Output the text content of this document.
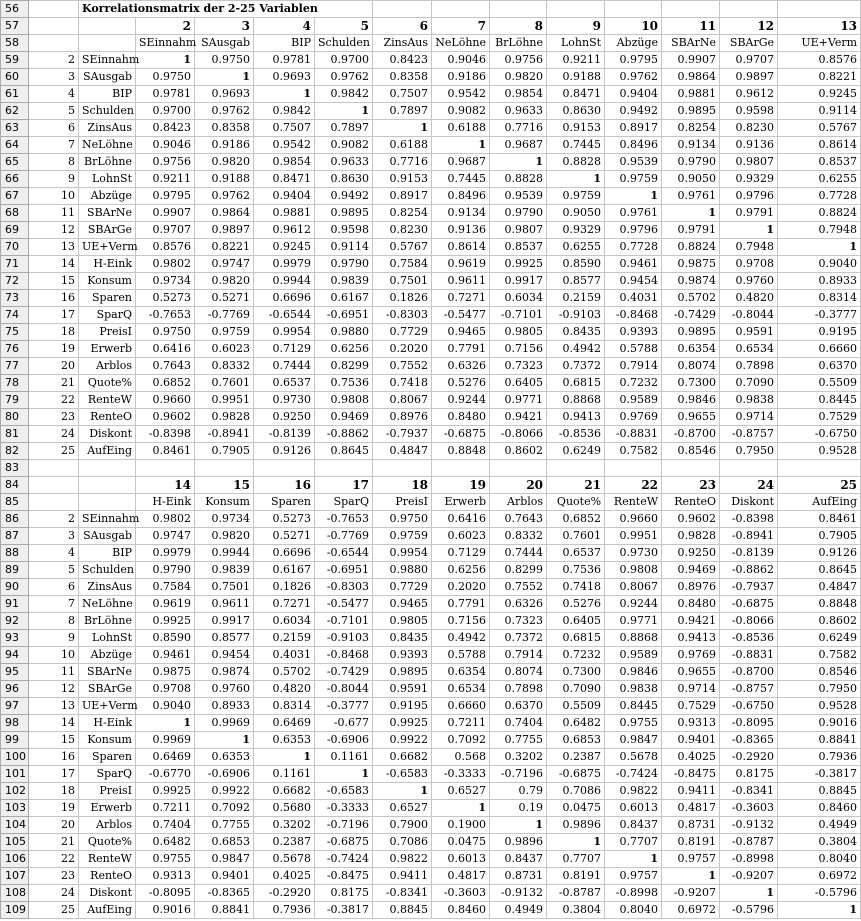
56		Korrelationsmatrix der 2-25 Variablen												
57			2	3	4	5	6	7	8	9	10	11	12	13
58			SEinnahm	SAusgab	BIP	Schulden	ZinsAus	NeLöhne	BrLöhne	LohnSt	Abzüge	SBArNe	SBArGe	UE+Verm
59	2	SEinnahm	1	0.9750	0.9781	0.9700	0.8423	0.9046	0.9756	0.9211	0.9795	0.9907	0.9707	0.8576
60	3	SAusgab	0.9750	1	0.9693	0.9762	0.8358	0.9186	0.9820	0.9188	0.9762	0.9864	0.9897	0.8221
61	4	BIP	0.9781	0.9693	1	0.9842	0.7507	0.9542	0.9854	0.8471	0.9404	0.9881	0.9612	0.9245
62	5	Schulden	0.9700	0.9762	0.9842	1	0.7897	0.9082	0.9633	0.8630	0.9492	0.9895	0.9598	0.9114
63	6	ZinsAus	0.8423	0.8358	0.7507	0.7897	1	0.6188	0.7716	0.9153	0.8917	0.8254	0.8230	0.5767
64	7	NeLöhne	0.9046	0.9186	0.9542	0.9082	0.6188	1	0.9687	0.7445	0.8496	0.9134	0.9136	0.8614
65	8	BrLöhne	0.9756	0.9820	0.9854	0.9633	0.7716	0.9687	1	0.8828	0.9539	0.9790	0.9807	0.8537
66	9	LohnSt	0.9211	0.9188	0.8471	0.8630	0.9153	0.7445	0.8828	1	0.9759	0.9050	0.9329	0.6255
67	10	Abzüge	0.9795	0.9762	0.9404	0.9492	0.8917	0.8496	0.9539	0.9759	1	0.9761	0.9796	0.7728
68	11	SBArNe	0.9907	0.9864	0.9881	0.9895	0.8254	0.9134	0.9790	0.9050	0.9761	1	0.9791	0.8824
69	12	SBArGe	0.9707	0.9897	0.9612	0.9598	0.8230	0.9136	0.9807	0.9329	0.9796	0.9791	1	0.7948
70	13	UE+Verm	0.8576	0.8221	0.9245	0.9114	0.5767	0.8614	0.8537	0.6255	0.7728	0.8824	0.7948	1
71	14	H-Eink	0.9802	0.9747	0.9979	0.9790	0.7584	0.9619	0.9925	0.8590	0.9461	0.9875	0.9708	0.9040
72	15	Konsum	0.9734	0.9820	0.9944	0.9839	0.7501	0.9611	0.9917	0.8577	0.9454	0.9874	0.9760	0.8933
73	16	Sparen	0.5273	0.5271	0.6696	0.6167	0.1826	0.7271	0.6034	0.2159	0.4031	0.5702	0.4820	0.8314
74	17	SparQ	-0.7653	-0.7769	-0.6544	-0.6951	-0.8303	-0.5477	-0.7101	-0.9103	-0.8468	-0.7429	-0.8044	-0.3777
75	18	PreisI	0.9750	0.9759	0.9954	0.9880	0.7729	0.9465	0.9805	0.8435	0.9393	0.9895	0.9591	0.9195
76	19	Erwerb	0.6416	0.6023	0.7129	0.6256	0.2020	0.7791	0.7156	0.4942	0.5788	0.6354	0.6534	0.6660
77	20	Arblos	0.7643	0.8332	0.7444	0.8299	0.7552	0.6326	0.7323	0.7372	0.7914	0.8074	0.7898	0.6370
78	21	Quote%	0.6852	0.7601	0.6537	0.7536	0.7418	0.5276	0.6405	0.6815	0.7232	0.7300	0.7090	0.5509
79	22	RenteW	0.9660	0.9951	0.9730	0.9808	0.8067	0.9244	0.9771	0.8868	0.9589	0.9846	0.9838	0.8445
80	23	RenteO	0.9602	0.9828	0.9250	0.9469	0.8976	0.8480	0.9421	0.9413	0.9769	0.9655	0.9714	0.7529
81	24	Diskont	-0.8398	-0.8941	-0.8139	-0.8862	-0.7937	-0.6875	-0.8066	-0.8536	-0.8831	-0.8700	-0.8757	-0.6750
82	25	AufEing	0.8461	0.7905	0.9126	0.8645	0.4847	0.8848	0.8602	0.6249	0.7582	0.8546	0.7950	0.9528
83														
84			14	15	16	17	18	19	20	21	22	23	24	25
85			H-Eink	Konsum	Sparen	SparQ	PreisI	Erwerb	Arblos	Quote%	RenteW	RenteO	Diskont	AufEing
86	2	SEinnahm	0.9802	0.9734	0.5273	-0.7653	0.9750	0.6416	0.7643	0.6852	0.9660	0.9602	-0.8398	0.8461
87	3	SAusgab	0.9747	0.9820	0.5271	-0.7769	0.9759	0.6023	0.8332	0.7601	0.9951	0.9828	-0.8941	0.7905
88	4	BIP	0.9979	0.9944	0.6696	-0.6544	0.9954	0.7129	0.7444	0.6537	0.9730	0.9250	-0.8139	0.9126
89	5	Schulden	0.9790	0.9839	0.6167	-0.6951	0.9880	0.6256	0.8299	0.7536	0.9808	0.9469	-0.8862	0.8645
90	6	ZinsAus	0.7584	0.7501	0.1826	-0.8303	0.7729	0.2020	0.7552	0.7418	0.8067	0.8976	-0.7937	0.4847
91	7	NeLöhne	0.9619	0.9611	0.7271	-0.5477	0.9465	0.7791	0.6326	0.5276	0.9244	0.8480	-0.6875	0.8848
92	8	BrLöhne	0.9925	0.9917	0.6034	-0.7101	0.9805	0.7156	0.7323	0.6405	0.9771	0.9421	-0.8066	0.8602
93	9	LohnSt	0.8590	0.8577	0.2159	-0.9103	0.8435	0.4942	0.7372	0.6815	0.8868	0.9413	-0.8536	0.6249
94	10	Abzüge	0.9461	0.9454	0.4031	-0.8468	0.9393	0.5788	0.7914	0.7232	0.9589	0.9769	-0.8831	0.7582
95	11	SBArNe	0.9875	0.9874	0.5702	-0.7429	0.9895	0.6354	0.8074	0.7300	0.9846	0.9655	-0.8700	0.8546
96	12	SBArGe	0.9708	0.9760	0.4820	-0.8044	0.9591	0.6534	0.7898	0.7090	0.9838	0.9714	-0.8757	0.7950
97	13	UE+Verm	0.9040	0.8933	0.8314	-0.3777	0.9195	0.6660	0.6370	0.5509	0.8445	0.7529	-0.6750	0.9528
98	14	H-Eink	1	0.9969	0.6469	-0.677	0.9925	0.7211	0.7404	0.6482	0.9755	0.9313	-0.8095	0.9016
99	15	Konsum	0.9969	1	0.6353	-0.6906	0.9922	0.7092	0.7755	0.6853	0.9847	0.9401	-0.8365	0.8841
100	16	Sparen	0.6469	0.6353	1	0.1161	0.6682	0.568	0.3202	0.2387	0.5678	0.4025	-0.2920	0.7936
101	17	SparQ	-0.6770	-0.6906	0.1161	1	-0.6583	-0.3333	-0.7196	-0.6875	-0.7424	-0.8475	0.8175	-0.3817
102	18	PreisI	0.9925	0.9922	0.6682	-0.6583	1	0.6527	0.79	0.7086	0.9822	0.9411	-0.8341	0.8845
103	19	Erwerb	0.7211	0.7092	0.5680	-0.3333	0.6527	1	0.19	0.0475	0.6013	0.4817	-0.3603	0.8460
104	20	Arblos	0.7404	0.7755	0.3202	-0.7196	0.7900	0.1900	1	0.9896	0.8437	0.8731	-0.9132	0.4949
105	21	Quote%	0.6482	0.6853	0.2387	-0.6875	0.7086	0.0475	0.9896	1	0.7707	0.8191	-0.8787	0.3804
106	22	RenteW	0.9755	0.9847	0.5678	-0.7424	0.9822	0.6013	0.8437	0.7707	1	0.9757	-0.8998	0.8040
107	23	RenteO	0.9313	0.9401	0.4025	-0.8475	0.9411	0.4817	0.8731	0.8191	0.9757	1	-0.9207	0.6972
108	24	Diskont	-0.8095	-0.8365	-0.2920	0.8175	-0.8341	-0.3603	-0.9132	-0.8787	-0.8998	-0.9207	1	-0.5796
109	25	AufEing	0.9016	0.8841	0.7936	-0.3817	0.8845	0.8460	0.4949	0.3804	0.8040	0.6972	-0.5796	1
